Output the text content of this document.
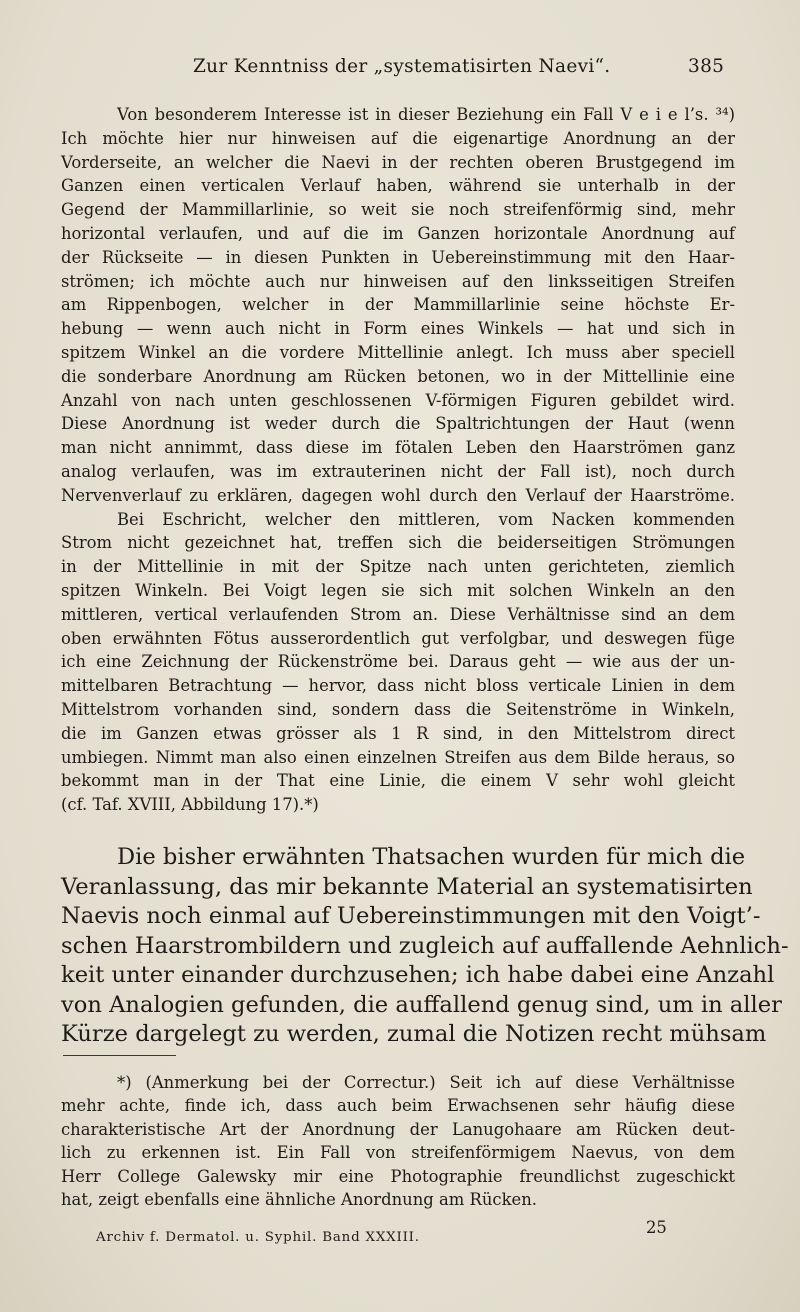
Zur Kenntniss der „systematisirten Naevi“.	385
Von besonderem Interesse ist in dieser Beziehung ein Fall V e i e l’s. ³⁴)
Ich möchte hier nur hinweisen auf die eigenartige Anordnung an der
Vorderseite, an welcher die Naevi in der rechten oberen Brustgegend im
Ganzen einen verticalen Verlauf haben, während sie unterhalb in der
Gegend der Mammillarlinie, so weit sie noch streifenförmig sind, mehr
horizontal verlaufen, und auf die im Ganzen horizontale Anordnung auf
der Rückseite — in diesen Punkten in Uebereinstimmung mit den Haar-
strömen; ich möchte auch nur hinweisen auf den linksseitigen Streifen
am Rippenbogen, welcher in der Mammillarlinie seine höchste Er-
hebung — wenn auch nicht in Form eines Winkels — hat und sich in
spitzem Winkel an die vordere Mittellinie anlegt. Ich muss aber speciell
die sonderbare Anordnung am Rücken betonen, wo in der Mittellinie eine
Anzahl von nach unten geschlossenen V-förmigen Figuren gebildet wird.
Diese Anordnung ist weder durch die Spaltrichtungen der Haut (wenn
man nicht annimmt, dass diese im fötalen Leben den Haarströmen ganz
analog verlaufen, was im extrauterinen nicht der Fall ist), noch durch
Nervenverlauf zu erklären, dagegen wohl durch den Verlauf der Haarströme.
Bei Eschricht, welcher den mittleren, vom Nacken kommenden
Strom nicht gezeichnet hat, treffen sich die beiderseitigen Strömungen
in der Mittellinie in mit der Spitze nach unten gerichteten, ziemlich
spitzen Winkeln. Bei Voigt legen sie sich mit solchen Winkeln an den
mittleren, vertical verlaufenden Strom an. Diese Verhältnisse sind an dem
oben erwähnten Fötus ausserordentlich gut verfolgbar, und deswegen füge
ich eine Zeichnung der Rückenströme bei. Daraus geht — wie aus der un-
mittelbaren Betrachtung — hervor, dass nicht bloss verticale Linien in dem
Mittelstrom vorhanden sind, sondern dass die Seitenströme in Winkeln,
die im Ganzen etwas grösser als 1 R sind, in den Mittelstrom direct
umbiegen. Nimmt man also einen einzelnen Streifen aus dem Bilde heraus, so
bekommt man in der That eine Linie, die einem V sehr wohl gleicht
(cf. Taf. XVIII, Abbildung 17).*)
Die bisher erwähnten Thatsachen wurden für mich die
Veranlassung, das mir bekannte Material an systematisirten
Naevis noch einmal auf Uebereinstimmungen mit den Voigt’-
schen Haarstrombildern und zugleich auf auffallende Aehnlich-
keit unter einander durchzusehen; ich habe dabei eine Anzahl
von Analogien gefunden, die auffallend genug sind, um in aller
Kürze dargelegt zu werden, zumal die Notizen recht mühsam
*) (Anmerkung bei der Correctur.) Seit ich auf diese Verhältnisse
mehr achte, finde ich, dass auch beim Erwachsenen sehr häufig diese
charakteristische Art der Anordnung der Lanugohaare am Rücken deut-
lich zu erkennen ist. Ein Fall von streifenförmigem Naevus, von dem
Herr College Galewsky mir eine Photographie freundlichst zugeschickt
hat, zeigt ebenfalls eine ähnliche Anordnung am Rücken.
Archiv f. Dermatol. u. Syphil. Band XXXIII.
25
